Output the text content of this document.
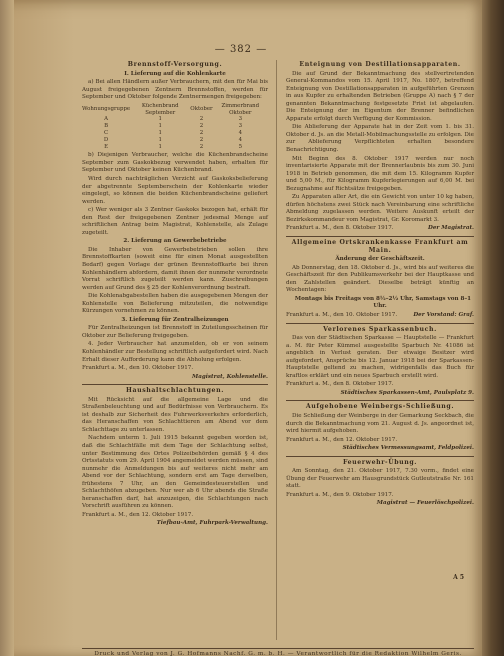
— 382 —
Brennstoff-Versorgung.
I. Lieferung auf die Kohlenkarte

a) Bei allen Händlern außer Verbrauchern, mit den für Mai bis August freigegebenen Zentnern Brennstoffen, werden für September und Oktober folgende Zentnermengen freigegeben:

Wohnungsgruppe	Küchenbrand September	Oktober	Zimmerbrand Oktober
A	1	2	3
B	1	2	3
C	1	2	4
D	1	2	4
E	1	2	5

b) Diejenigen Verbraucher, welche die Küchenbrandscheine September zum Gaskokbezug verwendet haben, erhalten für September und Oktober keinen Küchenbrand.

Wird durch nachträglichen Verzicht auf Gaskoksbelieferung der abgetrennte Septemberschein der Kohlenkarte wieder eingelegt, so können die beiden Küchenbrandscheine geliefert werden.

c) Wer weniger als 3 Zentner Gaskoks bezogen hat, erhält für den Rest der freigegebenen Zentner jedesmal Menge auf schriftlichen Antrag beim Magistrat, Kohlenstelle, als Zulage zugeteilt.

2. Lieferung an Gewerbebetriebe

Die Inhaber von Gewerbebetrieben sollen ihre Brennstoffkarten (soweit eine für einen Monat ausgestellten Bedarf) gegen Vorlage der grünen Brennstoffkarte bei ihren Kohlenhändlern abfordern, damit ihnen der nunmehr verordnete Vorrat schriftlich zugeteilt werden kann. Zuschreibungen werden auf Grund des § 25 der Kohlenverordnung bestraft.

Die Kohlenabgabestellen haben die ausgegebenen Mengen der Kohlenstelle von Belieferung mitzuteilen, die notwendige Kürzungen vornehmen zu können.

3. Lieferung für Zentralheizungen

Für Zentralheizungen ist Brennstoff in Zuteilungsscheinen für Oktober zur Belieferung freigegeben.

4. Jeder Verbraucher hat anzumelden, ob er von seinem Kohlenhändler zur Bestellung schriftlich aufgefordert wird. Nach Erhalt dieser Aufforderung kann die Abholung erfolgen.

Frankfurt a. M., den 10. Oktober 1917.
Magistrat, Kohlenstelle.
Haushaltschlachtungen.

Mit Rücksicht auf die allgemeine Lage und die Straßenbeleuchtung und auf Bedürfnisse von Verbrauchern. Es ist deshalb zur Sicherheit des Fuhrwerksverkehrs erforderlich, das Heranschaffen von Schlachttieren am Abend vor dem Schlachttage zu unterlassen.

Nachdem unterm 1. Juli 1915 bekannt gegeben worden ist, daß die Schlachtfälle mit dem Tage der Schlachtung selbst, unter Bestimmung des Ortes Polizeibehörden gemäß § 4 des Ortsstatuts vom 29. April 1904 angemeldet werden müssen, sind nunmehr die Anmeldungen bis auf weiteres nicht mehr am Abend vor der Schlachtung, sondern erst am Tage derselben, frühestens 7 Uhr, an den Gemeindesteuerstellen und Schlachthöfen abzugeben. Nur wer ab 6 Uhr abends die Straße heranschaffen darf, hat anzuzeigen, die Schlachtungen nach Vorschrift ausführen zu können.

Frankfurt a. M., den 12. Oktober 1917.
Tiefbau-Amt, Fuhrpark-Verwaltung.
Enteignung von Destillationsapparaten.

Die auf Grund der Bekanntmachung des stellvertretenden General-Kommandos vom 15. April 1917, No. 1807, betreffend Enteignung von Destillationsapparaten in aufgeführten Grenzen in aus Kupfer zu erhaltenden Betrieben (Gruppe A) nach § 7 der genannten Bekanntmachung festgesetzte Frist ist abgelaufen. Die Enteignung der im Eigentum der Brenner befindlichen Apparate erfolgt durch Verfügung der Kommission.

Die Ablieferung der Apparate hat in der Zeit vom 1. bis 31. Oktober d. Js. an die Metall-Mobilmachungsstelle zu erfolgen. Die zur Ablieferung Verpflichteten erhalten besondere Benachrichtigung.

Mit Beginn des 8. Oktober 1917 werden nur noch inventarisierte Apparate mit der Brennerlaubnis bis zum 30. Juni 1918 in Betrieb genommen, die mit dem 15. Kilogramm Kupfer und 5,00 M., für Kilogramm Kupferlegierungen auf 6,00 M. bei Bezugnahme auf Richtsätze freigegeben.

Zu Apparaten aller Art, die ein Gewicht von unter 10 kg haben, dürfen höchstens zwei Stück nach Vereinbarung eine schriftliche Abmeldung zugelassen werden. Weitere Auskunft erteilt der Bezirkskommandeur vom Magistrat, Gr. Koromarkt 3.

Frankfurt a. M., den 8. Oktober 1917.	Der Magistrat.
Allgemeine Ortskrankenkasse Frankfurt am Main.
Änderung der Geschäftszeit.

Ab Donnerstag, den 18. Oktober d. Js., wird bis auf weiteres die Geschäftszeit für den Publikumsverkehr bei der Hauptkasse und den Zahlstellen geändert. Dieselbe beträgt künftig an Wochentagen:

Montags bis Freitags von 8½–2½ Uhr, Samstags von 8–1 Uhr.

Frankfurt a. M., den 10. Oktober 1917.	Der Vorstand: Graf.
Verlorenes Sparkassenbuch.

Das von der Städtischen Sparkasse — Hauptstelle — Frankfurt a. M. für Peter Kümmel ausgestellte Sparbuch Nr. 41086 ist angeblich in Verlust geraten. Der etwaige Besitzer wird aufgefordert, Ansprüche bis 12. Januar 1918 bei der Sparkassen-Hauptstelle geltend zu machen, widrigenfalls das Buch für kraftlos erklärt und ein neues Sparbuch erstellt wird.

Frankfurt a. M., den 8. Oktober 1917.
Städtisches Sparkassen-Amt, Paulsplatz 9.
Aufgehobene Weinbergs-Schließung.

Die Schließung der Weinberge in der Gemarkung Seckbach, die durch die Bekanntmachung vom 21. August d. Js. angeordnet ist, wird hiermit aufgehoben.

Frankfurt a. M., den 12. Oktober 1917.
Städtisches Vermessungsamt, Feldpolizei.
Feuerwehr-Übung.

Am Sonntag, den 21. Oktober 1917, 7.30 vorm., findet eine Übung der Feuerwehr am Hausgrundstück Gutleutstraße Nr. 161 statt.

Frankfurt a. M., den 9. Oktober 1917.
Magistrat — Feuerlöschpolizei.
A 5
Druck und Verlag von J. G. Hofmanns Nachf. G. m. b. H. — Verantwortlich für die Redaktion Wilhelm Geris.
